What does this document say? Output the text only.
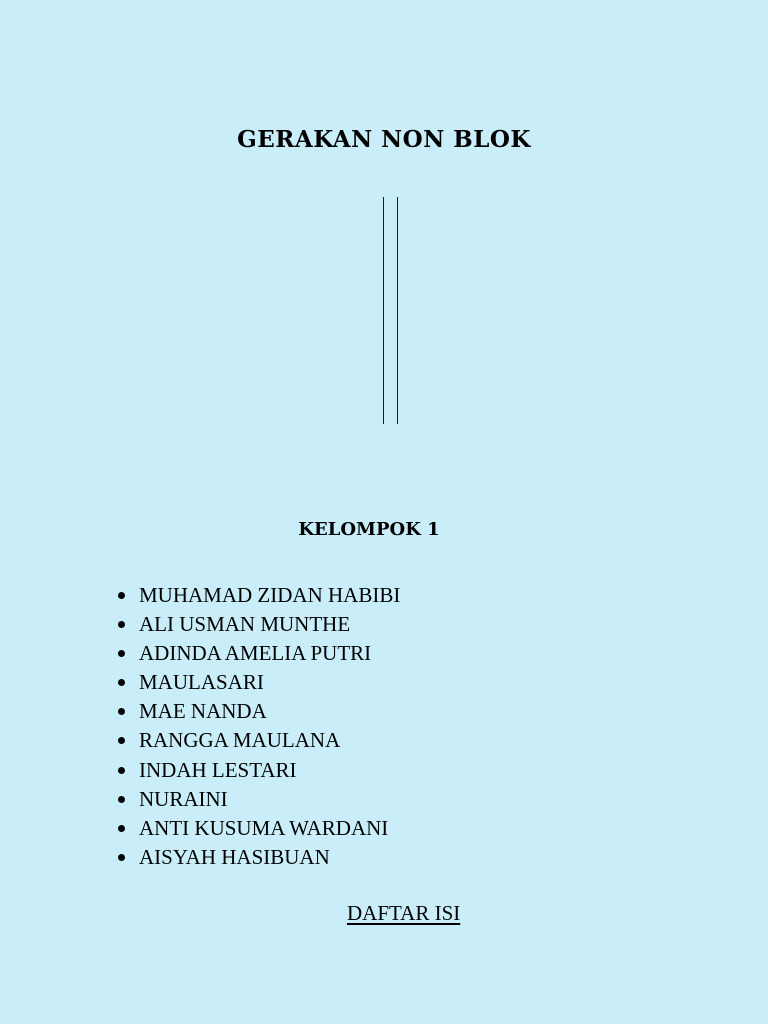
GERAKAN NON BLOK
KELOMPOK 1
MUHAMAD ZIDAN HABIBI
ALI USMAN MUNTHE
ADINDA AMELIA PUTRI
MAULASARI
MAE NANDA
RANGGA MAULANA
INDAH LESTARI
NURAINI
ANTI KUSUMA WARDANI
AISYAH HASIBUAN
DAFTAR ISI
